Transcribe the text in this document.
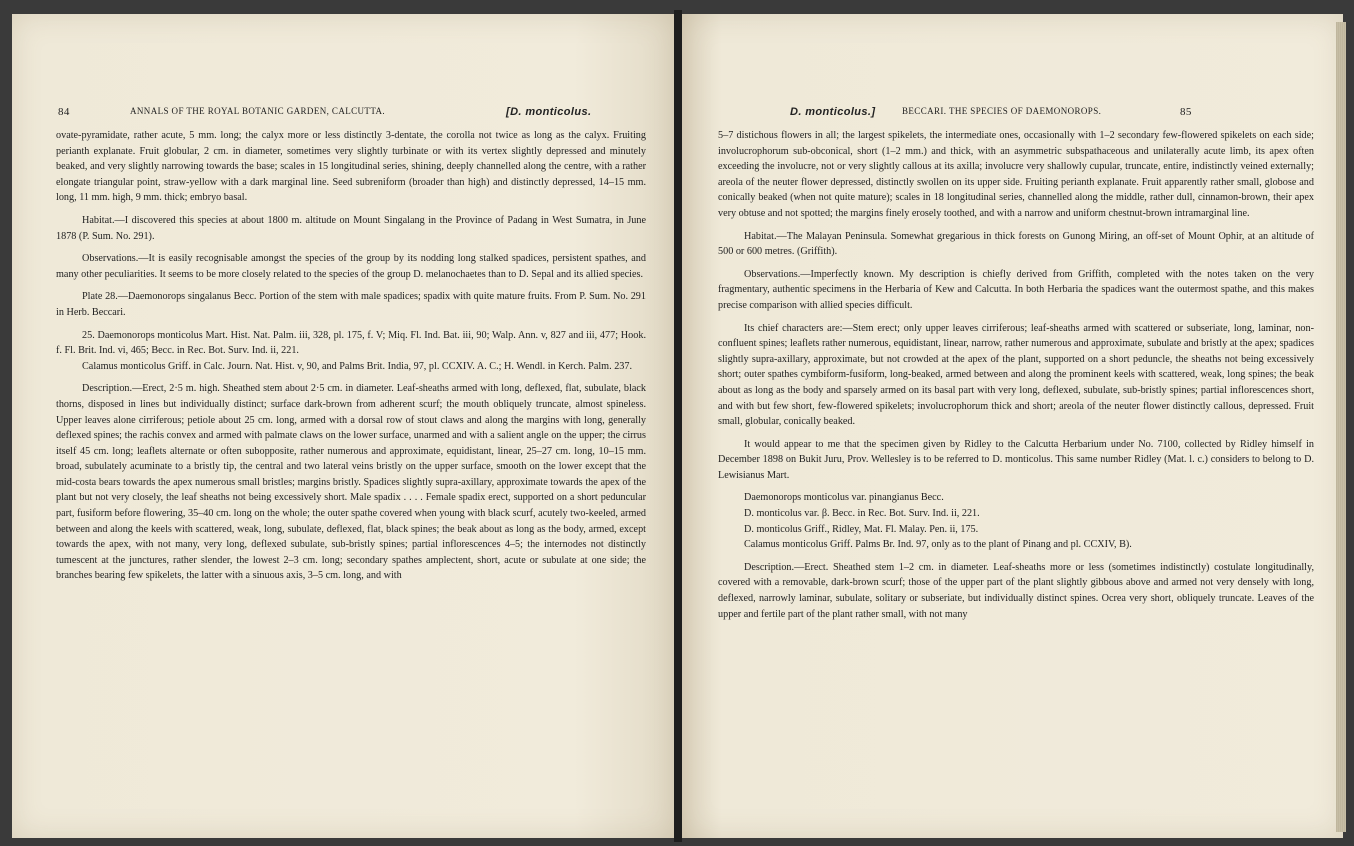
84	ANNALS OF THE ROYAL BOTANIC GARDEN, CALCUTTA.	[D. monticolus.

ovate-pyramidate, rather acute, 5 mm. long; the calyx more or less distinctly 3-dentate, the corolla not twice as long as the calyx. Fruiting perianth explanate. Fruit globular, 2 cm. in diameter, sometimes very slightly turbinate or with its vertex slightly depressed and minutely beaked, and very slightly narrowing towards the base; scales in 15 longitudinal series, shining, deeply channelled along the centre, with a rather elongate triangular point, straw-yellow with a dark marginal line. Seed subreniform (broader than high) and distinctly depressed, 14–15 mm. long, 11 mm. high, 9 mm. thick; embryo basal.

Habitat.—I discovered this species at about 1800 m. altitude on Mount Singalang in the Province of Padang in West Sumatra, in June 1878 (P. Sum. No. 291).

Observations.—It is easily recognisable amongst the species of the group by its nodding long stalked spadices, persistent spathes, and many other peculiarities. It seems to be more closely related to the species of the group D. melanochaetes than to D. Sepal and its allied species.

Plate 28.—Daemonorops singalanus Becc. Portion of the stem with male spadices; spadix with quite mature fruits. From P. Sum. No. 291 in Herb. Beccari.

25. Daemonorops monticolus Mart. Hist. Nat. Palm. iii, 328, pl. 175, f. V; Miq. Fl. Ind. Bat. iii, 90; Walp. Ann. v, 827 and iii, 477; Hook. f. Fl. Brit. Ind. vi, 465; Becc. in Rec. Bot. Surv. Ind. ii, 221.

Calamus monticolus Griff. in Calc. Journ. Nat. Hist. v, 90, and Palms Brit. India, 97, pl. CCXIV. A. C.; H. Wendl. in Kerch. Palm. 237.

Description.—Erect, 2·5 m. high. Sheathed stem about 2·5 cm. in diameter. Leaf-sheaths armed with long, deflexed, flat, subulate, black thorns, disposed in lines but individually distinct; surface dark-brown from adherent scurf; the mouth obliquely truncate, almost spineless. Upper leaves alone cirriferous; petiole about 25 cm. long, armed with a dorsal row of stout claws and along the margins with long, generally deflexed spines; the rachis convex and armed with palmate claws on the lower surface, unarmed and with a salient angle on the upper; the cirrus itself 45 cm. long; leaflets alternate or often subopposite, rather numerous and approximate, equidistant, linear, 25–27 cm. long, 10–15 mm. broad, subulately acuminate to a bristly tip, the central and two lateral veins bristly on the upper surface, smooth on the lower except that the mid-costa bears towards the apex numerous small bristles; margins bristly. Spadices slightly supra-axillary, approximate towards the apex of the plant but not very closely, the leaf sheaths not being excessively short. Male spadix . . . . Female spadix erect, supported on a short peduncular part, fusiform before flowering, 35–40 cm. long on the whole; the outer spathe covered when young with black scurf, acutely two-keeled, armed between and along the keels with scattered, weak, long, subulate, deflexed, flat, black spines; the beak about as long as the body, armed, except towards the apex, with not many, very long, deflexed subulate, sub-bristly spines; partial inflorescences 4–5; the internodes not distinctly tumescent at the junctures, rather slender, the lowest 2–3 cm. long; secondary spathes amplectent, short, acute or subulate at one side; the branches bearing few spikelets, the latter with a sinuous axis, 3–5 cm. long, and with

D. monticolus.]	BECCARI. THE SPECIES OF DAEMONOROPS.	85

5–7 distichous flowers in all; the largest spikelets, the intermediate ones, occasionally with 1–2 secondary few-flowered spikelets on each side; involucrophorum sub-obconical, short (1–2 mm.) and thick, with an asymmetric subspathaceous and unilaterally acute limb, its apex often exceeding the involucre, not or very slightly callous at its axilla; involucre very shallowly cupular, truncate, entire, indistinctly veined externally; areola of the neuter flower depressed, distinctly swollen on its upper side. Fruiting perianth explanate. Fruit apparently rather small, globose and conically beaked (when not quite mature); scales in 18 longitudinal series, channelled along the middle, rather dull, cinnamon-brown, their apex very obtuse and not spotted; the margins finely erosely toothed, and with a narrow and uniform chestnut-brown intramarginal line.

Habitat.—The Malayan Peninsula. Somewhat gregarious in thick forests on Gunong Miring, an off-set of Mount Ophir, at an altitude of 500 or 600 metres. (Griffith).

Observations.—Imperfectly known. My description is chiefly derived from Griffith, completed with the notes taken on the very fragmentary, authentic specimens in the Herbaria of Kew and Calcutta. In both Herbaria the spadices want the outermost spathe, and this makes precise comparison with allied species difficult.

Its chief characters are:—Stem erect; only upper leaves cirriferous; leaf-sheaths armed with scattered or subseriate, long, laminar, non-confluent spines; leaflets rather numerous, equidistant, linear, narrow, rather numerous and approximate, subulate and bristly at the apex; spadices slightly supra-axillary, approximate, but not crowded at the apex of the plant, supported on a short peduncle, the sheaths not being excessively short; outer spathes cymbiform-fusiform, long-beaked, armed between and along the prominent keels with scattered, weak, long spines; the beak about as long as the body and sparsely armed on its basal part with very long, deflexed, subulate, sub-bristly spines; partial inflorescences short, and with but few short, few-flowered spikelets; involucrophorum thick and short; areola of the neuter flower distinctly callous, depressed. Fruit small, globular, conically beaked.

It would appear to me that the specimen given by Ridley to the Calcutta Herbarium under No. 7100, collected by Ridley himself in December 1898 on Bukit Juru, Prov. Wellesley is to be referred to D. monticolus. This same number Ridley (Mat. l. c.) considers to belong to D. Lewisianus Mart.

Daemonorops monticolus var. pinangianus Becc.

D. monticolus var. β. Becc. in Rec. Bot. Surv. Ind. ii, 221.

D. monticolus Griff., Ridley, Mat. Fl. Malay. Pen. ii, 175.

Calamus monticolus Griff. Palms Br. Ind. 97, only as to the plant of Pinang and pl. CCXIV, B).

Description.—Erect. Sheathed stem 1–2 cm. in diameter. Leaf-sheaths more or less (sometimes indistinctly) costulate longitudinally, covered with a removable, dark-brown scurf; those of the upper part of the plant slightly gibbous above and armed not very densely with long, deflexed, narrowly laminar, subulate, solitary or subseriate, but individually distinct spines. Ocrea very short, obliquely truncate. Leaves of the upper and fertile part of the plant rather small, with not many
